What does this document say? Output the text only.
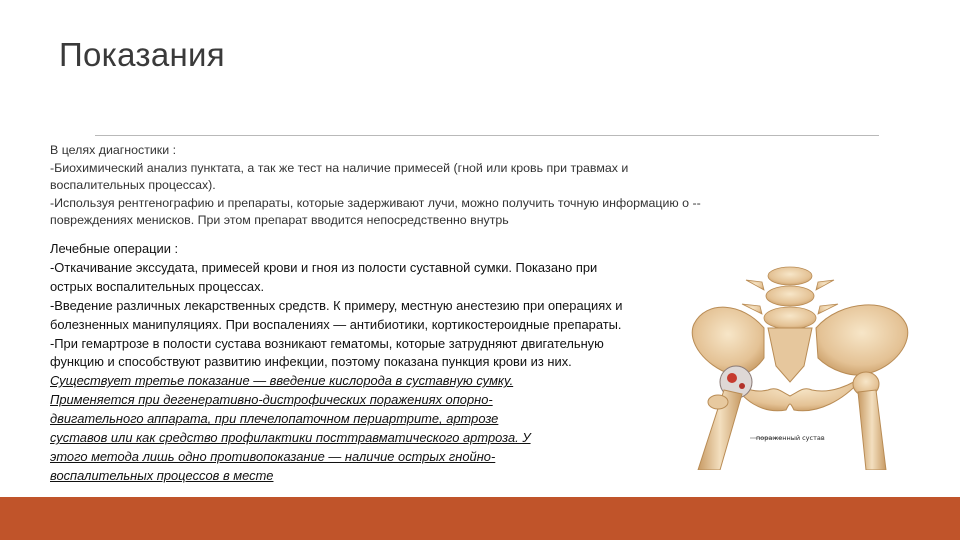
Показания
В целях диагностики :
-Биохимический анализ пунктата, а так же тест на наличие примесей (гной или кровь при травмах и
воспалительных процессах).
-Используя рентгенографию и препараты, которые задерживают лучи, можно получить точную информацию о --
повреждениях менисков. При этом препарат вводится непосредственно внутрь
Лечебные операции :
-Откачивание экссудата, примесей крови и гноя из полости суставной сумки. Показано при
острых воспалительных процессах.
-Введение различных лекарственных средств. К примеру, местную анестезию при операциях и
болезненных манипуляциях. При воспалениях — антибиотики, кортикостероидные препараты.
-При гемартрозе в полости сустава возникают гематомы, которые затрудняют двигательную
функцию и способствуют развитию инфекции, поэтому показана пункция крови из них.
Существует третье показание — введение кислорода в суставную сумку.
Применяется при дегенеративно-дистрофических поражениях опорно-
двигательного аппарата, при плечелопаточном периартрите, артрозе
суставов или как средство профилактики посттравматического артроза. У
этого метода лишь одно противопоказание — наличие острых гнойно-
воспалительных процессов в месте
пораженный сустав
